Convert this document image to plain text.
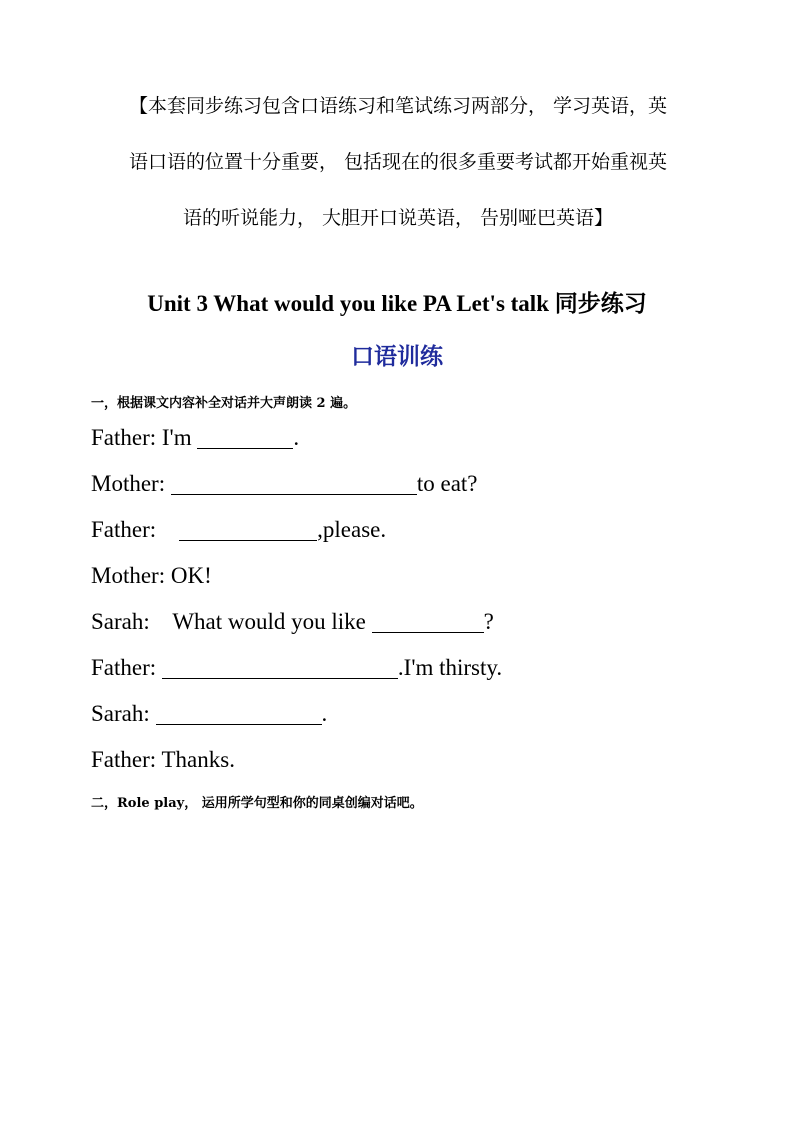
【本套同步练习包含口语练习和笔试练习两部分， 学习英语，英
语口语的位置十分重要， 包括现在的很多重要考试都开始重视英
语的听说能力， 大胆开口说英语， 告别哑巴英语】
Unit 3 What would you like PA Let's talk 同步练习
口语训练
一，根据课文内容补全对话并大声朗读 2 遍。
Father: I'm	.
Mother:	to eat?
Father:	,please.
Mother: OK!
Sarah:    What would you like	?
Father:	.I'm thirsty.
Sarah:	.
Father: Thanks.
二，Role play， 运用所学句型和你的同桌创编对话吧。
